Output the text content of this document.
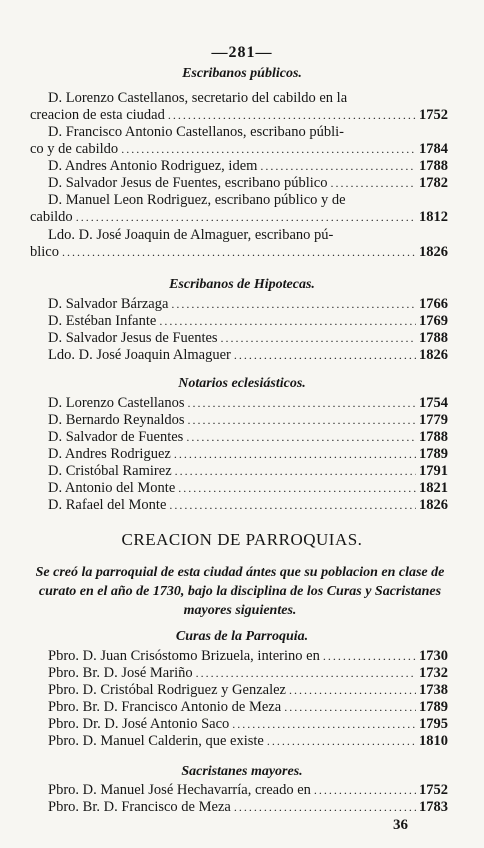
—281—
Escribanos públicos.
D. Lorenzo Castellanos, secretario del cabildo en la
creacion de esta ciudad .....	1752
D. Francisco Antonio Castellanos, escribano públi-
co y de cabildo .....	1784
D. Andres Antonio Rodriguez, idem .....	1788
D. Salvador Jesus de Fuentes, escribano público .....	1782
D. Manuel Leon Rodriguez, escribano público y de
cabildo .....	1812
Ldo. D. José Joaquin de Almaguer, escribano pú-
blico .....	1826
Escribanos de Hipotecas.
D. Salvador Bárzaga .....	1766
D. Estéban Infante .....	1769
D. Salvador Jesus de Fuentes .....	1788
Ldo. D. José Joaquin Almaguer .....	1826
Notarios eclesiásticos.
D. Lorenzo Castellanos .....	1754
D. Bernardo Reynaldos .....	1779
D. Salvador de Fuentes .....	1788
D. Andres Rodriguez .....	1789
D. Cristóbal Ramirez .....	1791
D. Antonio del Monte .....	1821
D. Rafael del Monte .....	1826
CREACION DE PARROQUIAS.
Se creó la parroquial de esta ciudad ántes que su poblacion en clase de curato en el año de 1730, bajo la disciplina de los Curas y Sacristanes mayores siguientes.
Curas de la Parroquia.
Pbro. D. Juan Crisóstomo Brizuela, interino en .....	1730
Pbro. Br. D. José Mariño .....	1732
Pbro. D. Cristóbal Rodriguez y Genzalez .....	1738
Pbro. Br. D. Francisco Antonio de Meza .....	1789
Pbro. Dr. D. José Antonio Saco .....	1795
Pbro. D. Manuel Calderin, que existe .....	1810
Sacristanes mayores.
Pbro. D. Manuel José Hechavarría, creado en .....	1752
Pbro. Br. D. Francisco de Meza .....	1783
36
